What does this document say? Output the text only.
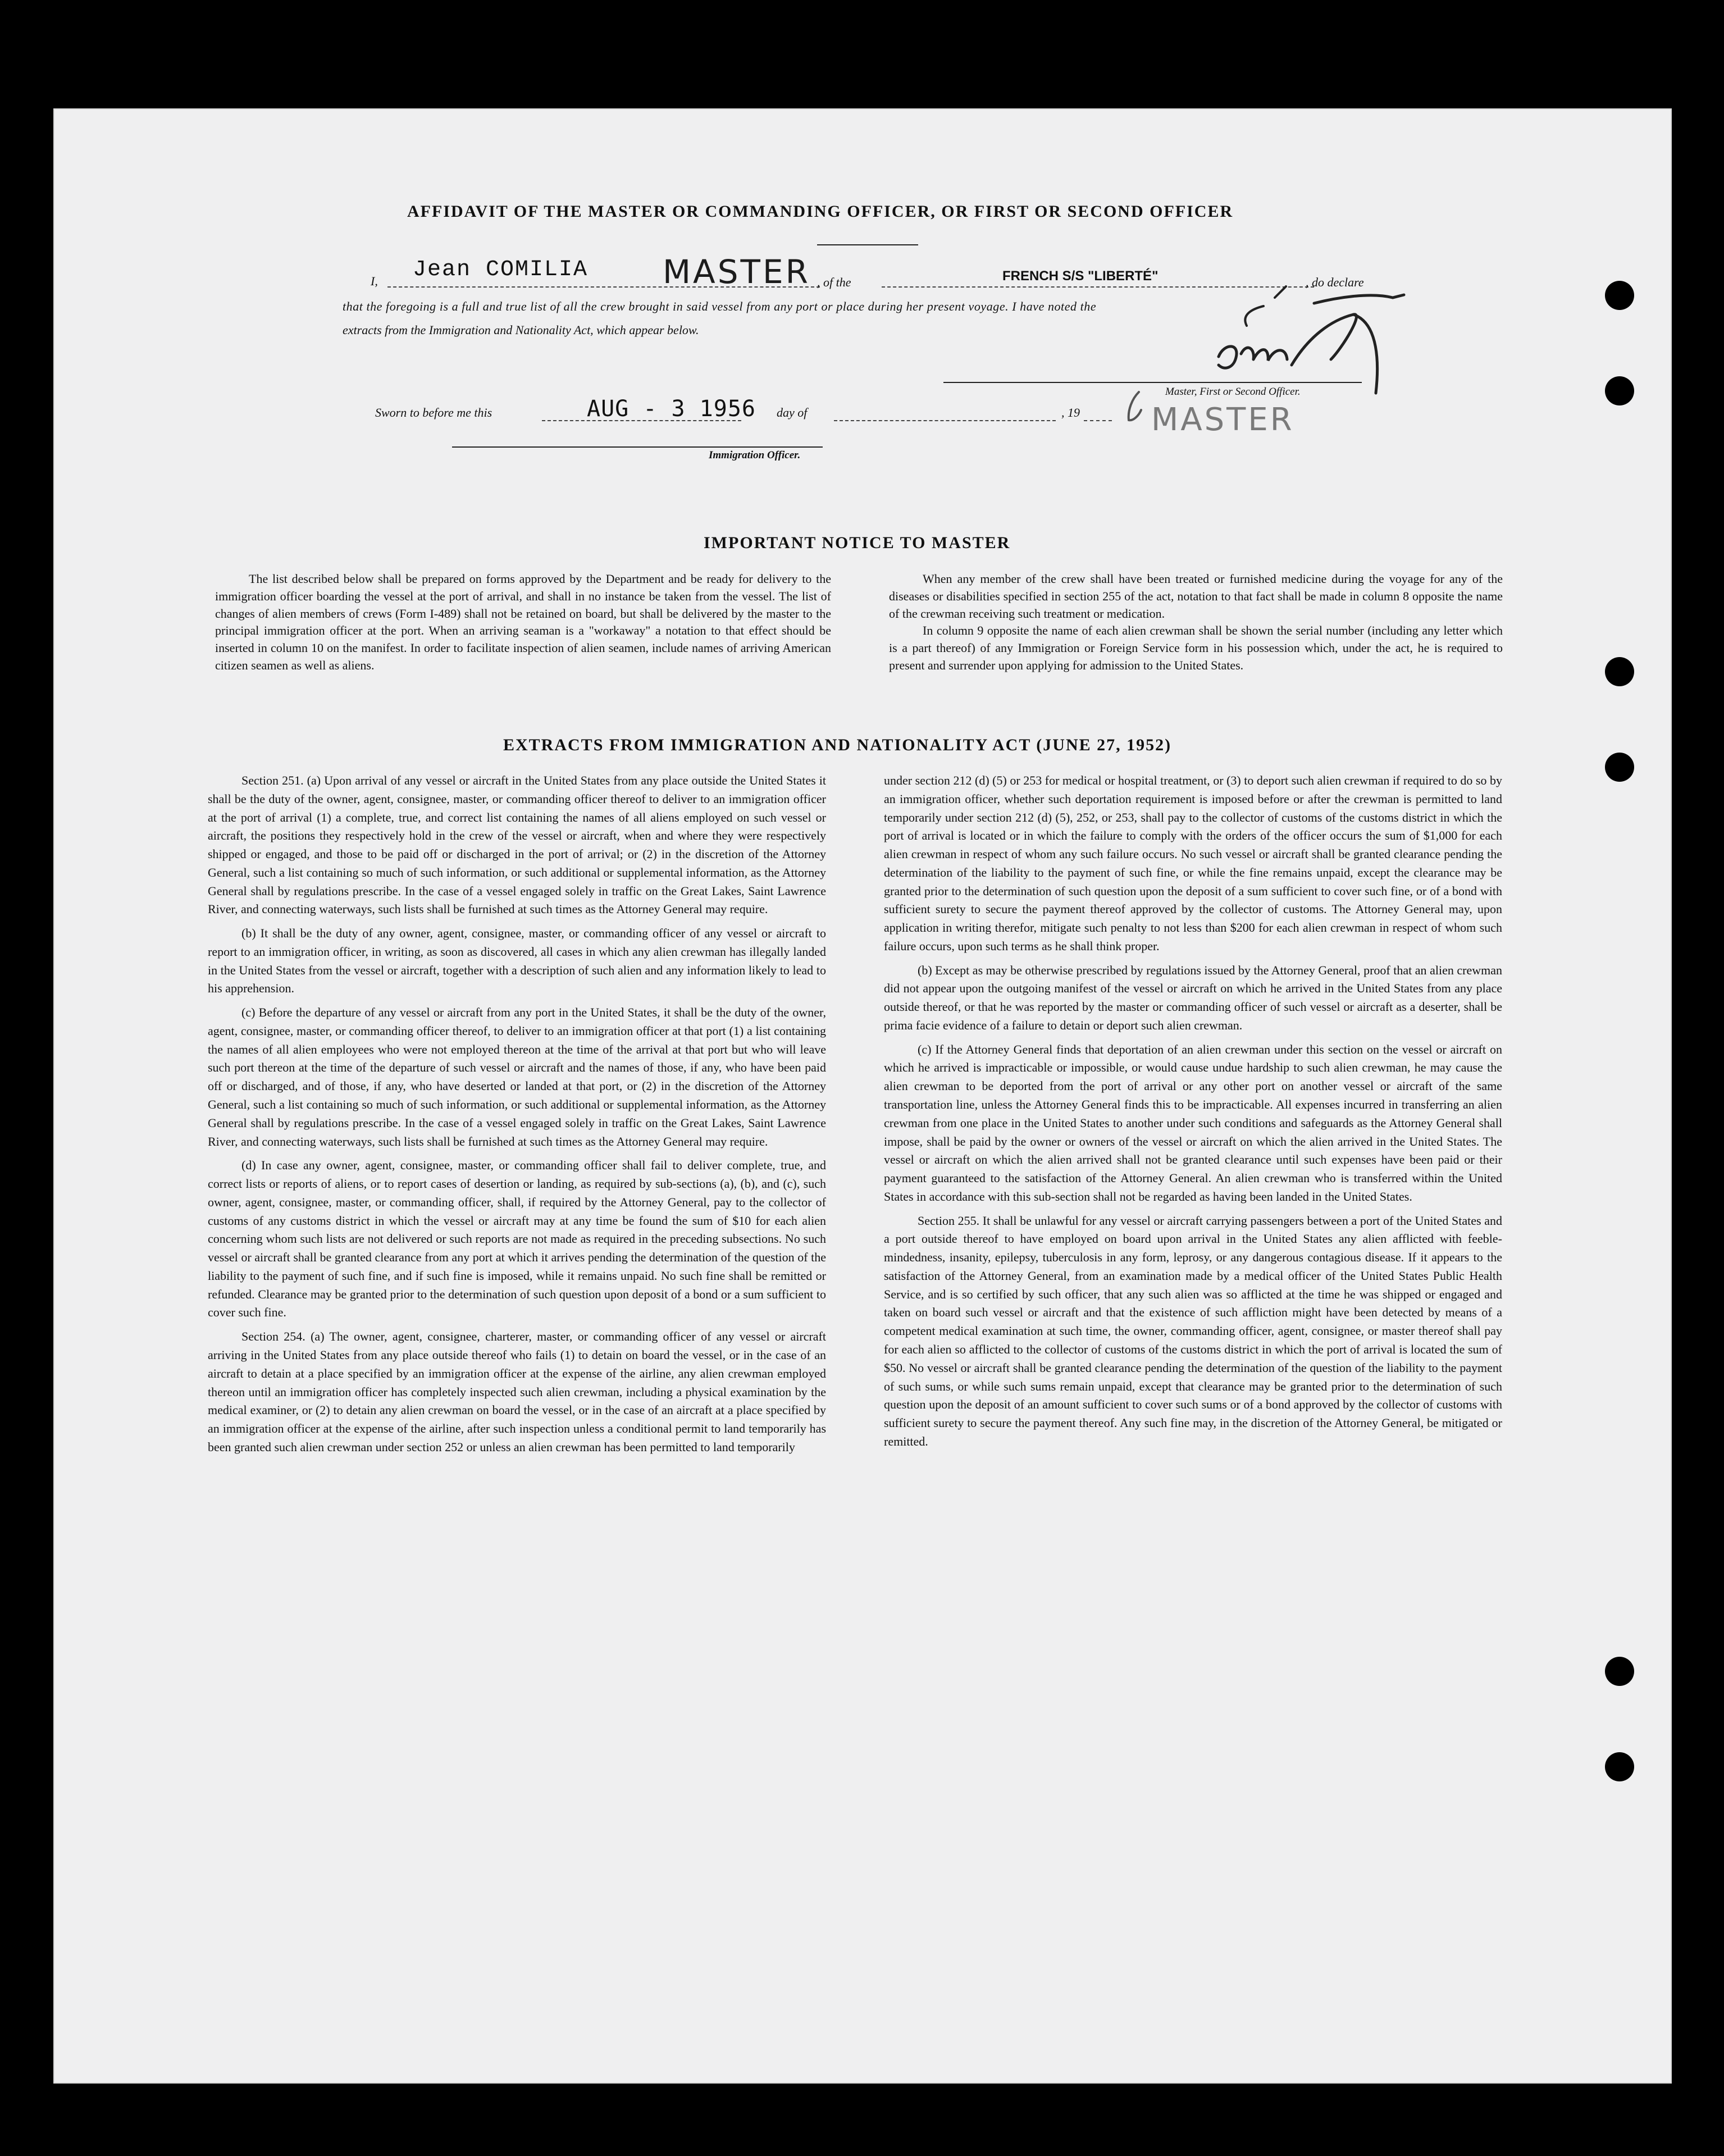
AFFIDAVIT OF THE MASTER OR COMMANDING OFFICER, OR FIRST OR SECOND OFFICER
I, Jean COMILIA MASTER , of the	FRENCH S/S "LIBERTÉ"	, do declare
that the foregoing is a full and true list of all the crew brought in said vessel from any port or place during her present voyage. I have noted the
extracts from the Immigration and Nationality Act, which appear below.
Master, First or Second Officer.
Sworn to before me this	AUG - 3 1956 day of	, 19 MASTER
Immigration Officer.
IMPORTANT NOTICE TO MASTER
The list described below shall be prepared on forms approved by the Department and be ready for delivery to the immigration officer boarding the vessel at the port of arrival, and shall in no instance be taken from the vessel. The list of changes of alien members of crews (Form I-489) shall not be retained on board, but shall be delivered by the master to the principal immigration officer at the port. When an arriving seaman is a "workaway" a notation to that effect should be inserted in column 10 on the manifest. In order to facilitate inspection of alien seamen, include names of arriving American citizen seamen as well as aliens.
When any member of the crew shall have been treated or furnished medicine during the voyage for any of the diseases or disabilities specified in section 255 of the act, notation to that fact shall be made in column 8 opposite the name of the crewman receiving such treatment or medication.
In column 9 opposite the name of each alien crewman shall be shown the serial number (including any letter which is a part thereof) of any Immigration or Foreign Service form in his possession which, under the act, he is required to present and surrender upon applying for admission to the United States.
EXTRACTS FROM IMMIGRATION AND NATIONALITY ACT (JUNE 27, 1952)

Section 251. (a) Upon arrival of any vessel or aircraft in the United States from any place outside the United States it shall be the duty of the owner, agent, consignee, master, or commanding officer thereof to deliver to an immigration officer at the port of arrival (1) a complete, true, and correct list containing the names of all aliens employed on such vessel or aircraft, the positions they respectively hold in the crew of the vessel or aircraft, when and where they were respectively shipped or engaged, and those to be paid off or discharged in the port of arrival; or (2) in the discretion of the Attorney General, such a list containing so much of such information, or such additional or supplemental information, as the Attorney General shall by regulations prescribe. In the case of a vessel engaged solely in traffic on the Great Lakes, Saint Lawrence River, and connecting waterways, such lists shall be furnished at such times as the Attorney General may require.

(b) It shall be the duty of any owner, agent, consignee, master, or commanding officer of any vessel or aircraft to report to an immigration officer, in writing, as soon as discovered, all cases in which any alien crewman has illegally landed in the United States from the vessel or aircraft, together with a description of such alien and any information likely to lead to his apprehension.

(c) Before the departure of any vessel or aircraft from any port in the United States, it shall be the duty of the owner, agent, consignee, master, or commanding officer thereof, to deliver to an immigration officer at that port (1) a list containing the names of all alien employees who were not employed thereon at the time of the arrival at that port but who will leave such port thereon at the time of the departure of such vessel or aircraft and the names of those, if any, who have been paid off or discharged, and of those, if any, who have deserted or landed at that port, or (2) in the discretion of the Attorney General, such a list containing so much of such information, or such additional or supplemental information, as the Attorney General shall by regulations prescribe. In the case of a vessel engaged solely in traffic on the Great Lakes, Saint Lawrence River, and connecting waterways, such lists shall be furnished at such times as the Attorney General may require.

(d) In case any owner, agent, consignee, master, or commanding officer shall fail to deliver complete, true, and correct lists or reports of aliens, or to report cases of desertion or landing, as required by sub-sections (a), (b), and (c), such owner, agent, consignee, master, or commanding officer, shall, if required by the Attorney General, pay to the collector of customs of any customs district in which the vessel or aircraft may at any time be found the sum of $10 for each alien concerning whom such lists are not delivered or such reports are not made as required in the preceding subsections. No such vessel or aircraft shall be granted clearance from any port at which it arrives pending the determination of the question of the liability to the payment of such fine, and if such fine is imposed, while it remains unpaid. No such fine shall be remitted or refunded. Clearance may be granted prior to the determination of such question upon deposit of a bond or a sum sufficient to cover such fine.

Section 254. (a) The owner, agent, consignee, charterer, master, or commanding officer of any vessel or aircraft arriving in the United States from any place outside thereof who fails (1) to detain on board the vessel, or in the case of an aircraft to detain at a place specified by an immigration officer at the expense of the airline, any alien crewman employed thereon until an immigration officer has completely inspected such alien crewman, including a physical examination by the medical examiner, or (2) to detain any alien crewman on board the vessel, or in the case of an aircraft at a place specified by an immigration officer at the expense of the airline, after such inspection unless a conditional permit to land temporarily has been granted such alien crewman under section 252 or unless an alien crewman has been permitted to land temporarily

under section 212 (d) (5) or 253 for medical or hospital treatment, or (3) to deport such alien crewman if required to do so by an immigration officer, whether such deportation requirement is imposed before or after the crewman is permitted to land temporarily under section 212 (d) (5), 252, or 253, shall pay to the collector of customs of the customs district in which the port of arrival is located or in which the failure to comply with the orders of the officer occurs the sum of $1,000 for each alien crewman in respect of whom any such failure occurs. No such vessel or aircraft shall be granted clearance pending the determination of the liability to the payment of such fine, or while the fine remains unpaid, except the clearance may be granted prior to the determination of such question upon the deposit of a sum sufficient to cover such fine, or of a bond with sufficient surety to secure the payment thereof approved by the collector of customs. The Attorney General may, upon application in writing therefor, mitigate such penalty to not less than $200 for each alien crewman in respect of whom such failure occurs, upon such terms as he shall think proper.

(b) Except as may be otherwise prescribed by regulations issued by the Attorney General, proof that an alien crewman did not appear upon the outgoing manifest of the vessel or aircraft on which he arrived in the United States from any place outside thereof, or that he was reported by the master or commanding officer of such vessel or aircraft as a deserter, shall be prima facie evidence of a failure to detain or deport such alien crewman.

(c) If the Attorney General finds that deportation of an alien crewman under this section on the vessel or aircraft on which he arrived is impracticable or impossible, or would cause undue hardship to such alien crewman, he may cause the alien crewman to be deported from the port of arrival or any other port on another vessel or aircraft of the same transportation line, unless the Attorney General finds this to be impracticable. All expenses incurred in transferring an alien crewman from one place in the United States to another under such conditions and safeguards as the Attorney General shall impose, shall be paid by the owner or owners of the vessel or aircraft on which the alien arrived in the United States. The vessel or aircraft on which the alien arrived shall not be granted clearance until such expenses have been paid or their payment guaranteed to the satisfaction of the Attorney General. An alien crewman who is transferred within the United States in accordance with this sub-section shall not be regarded as having been landed in the United States.

Section 255. It shall be unlawful for any vessel or aircraft carrying passengers between a port of the United States and a port outside thereof to have employed on board upon arrival in the United States any alien afflicted with feeble-mindedness, insanity, epilepsy, tuberculosis in any form, leprosy, or any dangerous contagious disease. If it appears to the satisfaction of the Attorney General, from an examination made by a medical officer of the United States Public Health Service, and is so certified by such officer, that any such alien was so afflicted at the time he was shipped or engaged and taken on board such vessel or aircraft and that the existence of such affliction might have been detected by means of a competent medical examination at such time, the owner, commanding officer, agent, consignee, or master thereof shall pay for each alien so afflicted to the collector of customs of the customs district in which the port of arrival is located the sum of $50. No vessel or aircraft shall be granted clearance pending the determination of the question of the liability to the payment of such sums, or while such sums remain unpaid, except that clearance may be granted prior to the determination of such question upon the deposit of an amount sufficient to cover such sums or of a bond approved by the collector of customs with sufficient surety to secure the payment thereof. Any such fine may, in the discretion of the Attorney General, be mitigated or remitted.
